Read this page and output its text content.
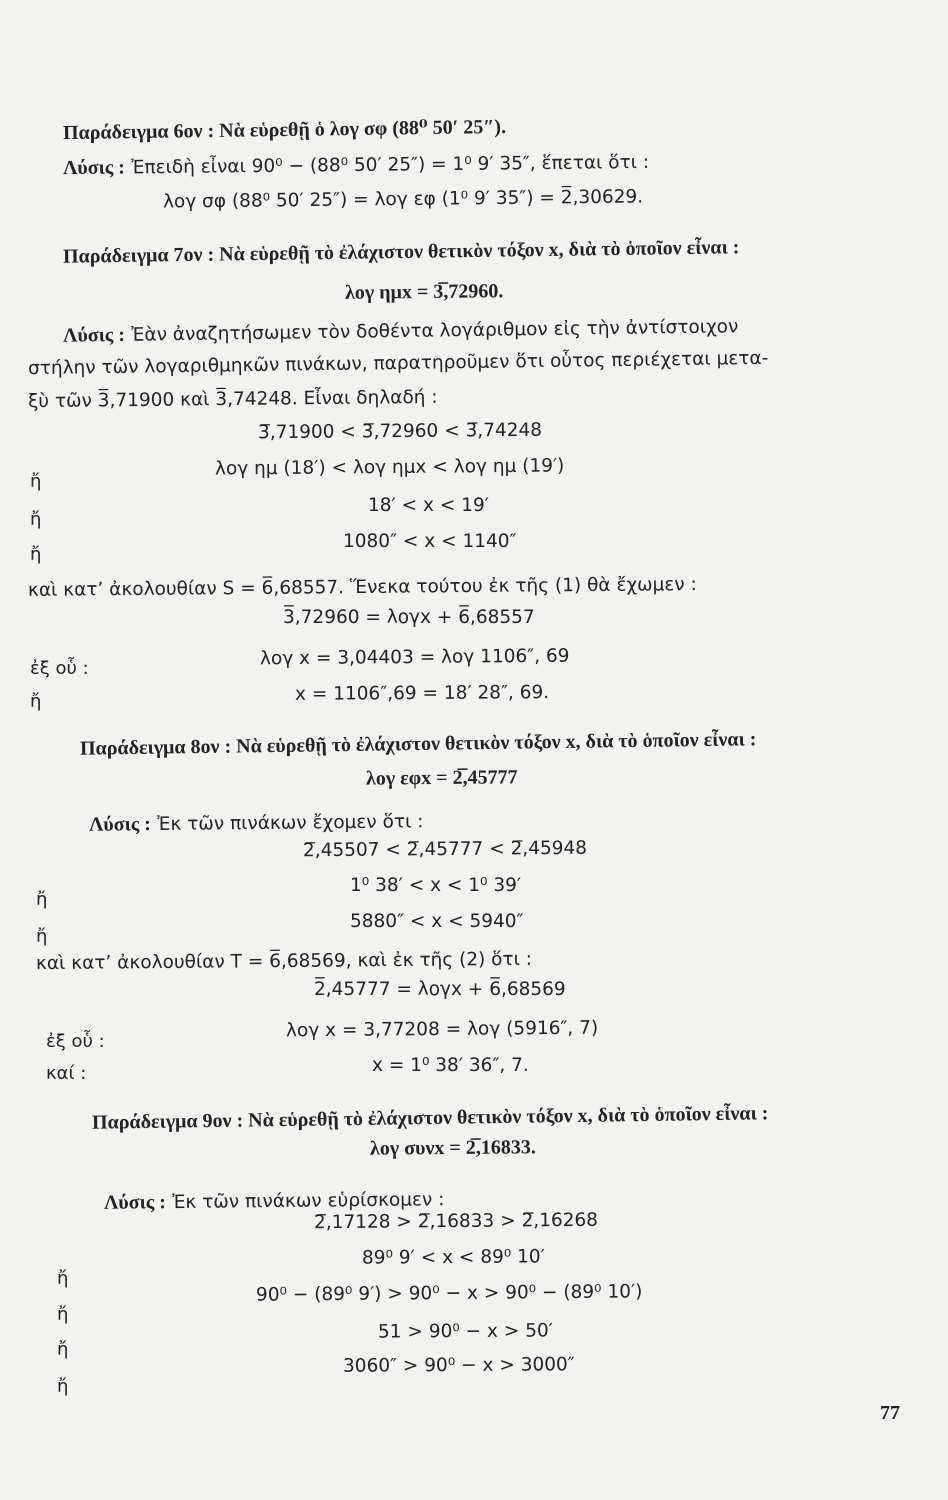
Παράδειγμα 6ον : Νὰ εὑρεθῇ ὁ λογ σφ (88⁰ 50′ 25″).
Λύσις : Ἐπειδὴ εἶναι 90⁰ − (88⁰ 50′ 25″) = 1⁰ 9′ 35″, ἕπεται ὅτι :
λογ σφ (88⁰ 50′ 25″) = λογ εφ (1⁰ 9′ 35″) = 2̅,30629.
Παράδειγμα 7ον : Νὰ εὑρεθῇ τὸ ἐλάχιστον θετικὸν τόξον x, διὰ τὸ ὁποῖον εἶναι :
λογ ημx = 3̅,72960.
Λύσις : Ἐὰν ἀναζητήσωμεν τὸν δοθέντα λογάριθμον εἰς τὴν ἀντίστοιχον
στήλην τῶν λογαριθμηκῶν πινάκων, παρατηροῦμεν ὅτι οὗτος περιέχεται μετα-
ξὺ τῶν 3̅,71900 καὶ 3̅,74248. Εἶναι δηλαδή :
3̅,71900 < 3̅,72960 < 3̅,74248
ἤ
λογ ημ (18′) < λογ ημx < λογ ημ (19′)
ἤ
18′ < x < 19′
ἤ
1080″ < x < 1140″
καὶ κατ’ ἀκολουθίαν S = 6̅,68557. Ἕνεκα τούτου ἐκ τῆς (1) θὰ ἔχωμεν :
3̅,72960 = λογx + 6̅,68557
ἐξ οὗ :	λογ x = 3,04403 = λογ 1106″, 69
ἤ	x = 1106″,69 = 18′ 28″, 69.
Παράδειγμα 8ον : Νὰ εὑρεθῇ τὸ ἐλάχιστον θετικὸν τόξον x, διὰ τὸ ὁποῖον εἶναι :
λογ εφx = 2̅,45777
Λύσις : Ἐκ τῶν πινάκων ἔχομεν ὅτι :
2̅,45507 < 2̅,45777 < 2̅,45948
ἤ
1⁰ 38′ < x < 1⁰ 39′
ἤ
5880″ < x < 5940″
καὶ κατ’ ἀκολουθίαν T = 6̅,68569, καὶ ἐκ τῆς (2) ὅτι :
2̅,45777 = λογx + 6̅,68569
ἐξ οὗ :
λογ x = 3,77208 = λογ (5916″, 7)
καί :	x = 1⁰ 38′ 36″, 7.
Παράδειγμα 9ον : Νὰ εὑρεθῇ τὸ ἐλάχιστον θετικὸν τόξον x, διὰ τὸ ὁποῖον εἶναι :
λογ συνx = 2̅,16833.
Λύσις : Ἐκ τῶν πινάκων εὑρίσκομεν :
2̅,17128 > 2̅,16833 > 2̅,16268
ἤ
89⁰ 9′ < x < 89⁰ 10′
ἤ
90⁰ − (89⁰ 9′) > 90⁰ − x > 90⁰ − (89⁰ 10′)
ἤ
51 > 90⁰ − x > 50′
ἤ
3060″ > 90⁰ − x > 3000″
77
